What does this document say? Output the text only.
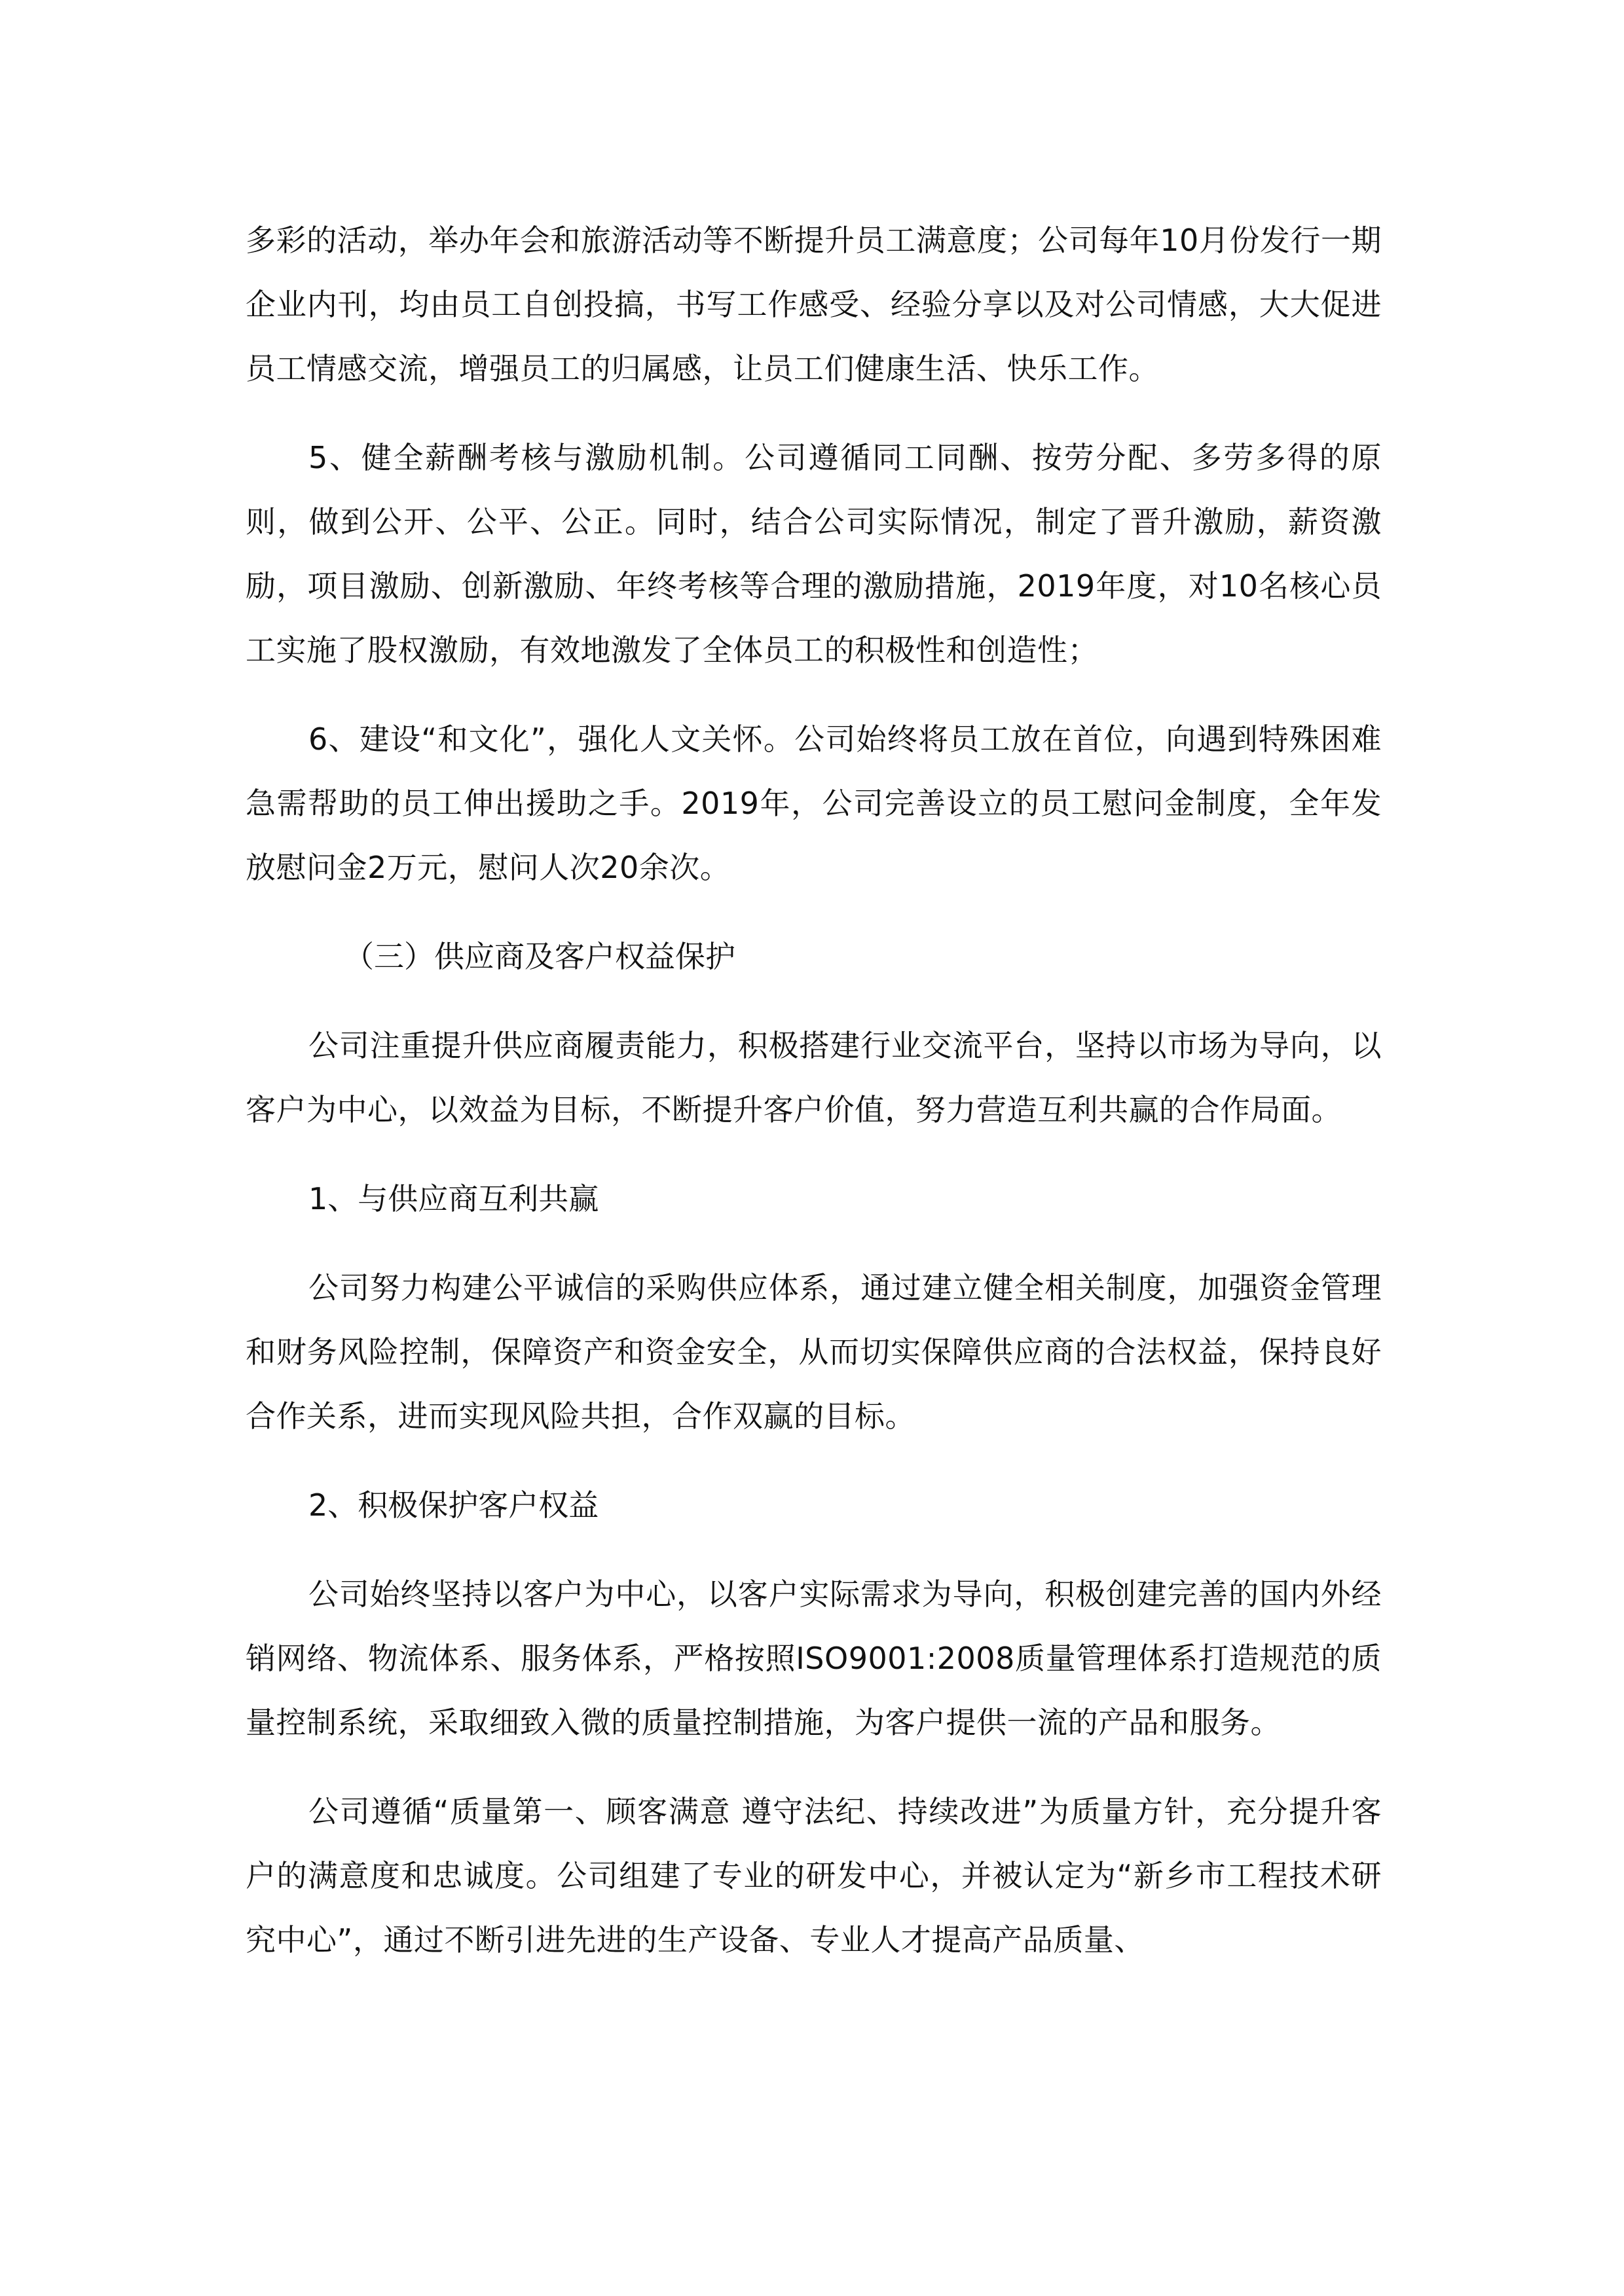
多彩的活动，举办年会和旅游活动等不断提升员工满意度；公司每年10月份发行一期企业内刊，均由员工自创投搞，书写工作感受、经验分享以及对公司情感，大大促进员工情感交流，增强员工的归属感，让员工们健康生活、快乐工作。

5、健全薪酬考核与激励机制。公司遵循同工同酬、按劳分配、多劳多得的原则，做到公开、公平、公正。同时，结合公司实际情况，制定了晋升激励，薪资激励，项目激励、创新激励、年终考核等合理的激励措施，2019年度，对10名核心员工实施了股权激励，有效地激发了全体员工的积极性和创造性；

6、建设“和文化”，强化人文关怀。公司始终将员工放在首位，向遇到特殊困难急需帮助的员工伸出援助之手。2019年，公司完善设立的员工慰问金制度，全年发放慰问金2万元，慰问人次20余次。

（三）供应商及客户权益保护

公司注重提升供应商履责能力，积极搭建行业交流平台，坚持以市场为导向，以客户为中心，以效益为目标，不断提升客户价值，努力营造互利共赢的合作局面。

1、与供应商互利共赢

公司努力构建公平诚信的采购供应体系，通过建立健全相关制度，加强资金管理和财务风险控制，保障资产和资金安全，从而切实保障供应商的合法权益，保持良好合作关系，进而实现风险共担，合作双赢的目标。

2、积极保护客户权益

公司始终坚持以客户为中心，以客户实际需求为导向，积极创建完善的国内外经销网络、物流体系、服务体系，严格按照ISO9001:2008质量管理体系打造规范的质量控制系统，采取细致入微的质量控制措施，为客户提供一流的产品和服务。

公司遵循“质量第一、顾客满意 遵守法纪、持续改进”为质量方针，充分提升客户的满意度和忠诚度。公司组建了专业的研发中心，并被认定为“新乡市工程技术研究中心”，通过不断引进先进的生产设备、专业人才提高产品质量、
